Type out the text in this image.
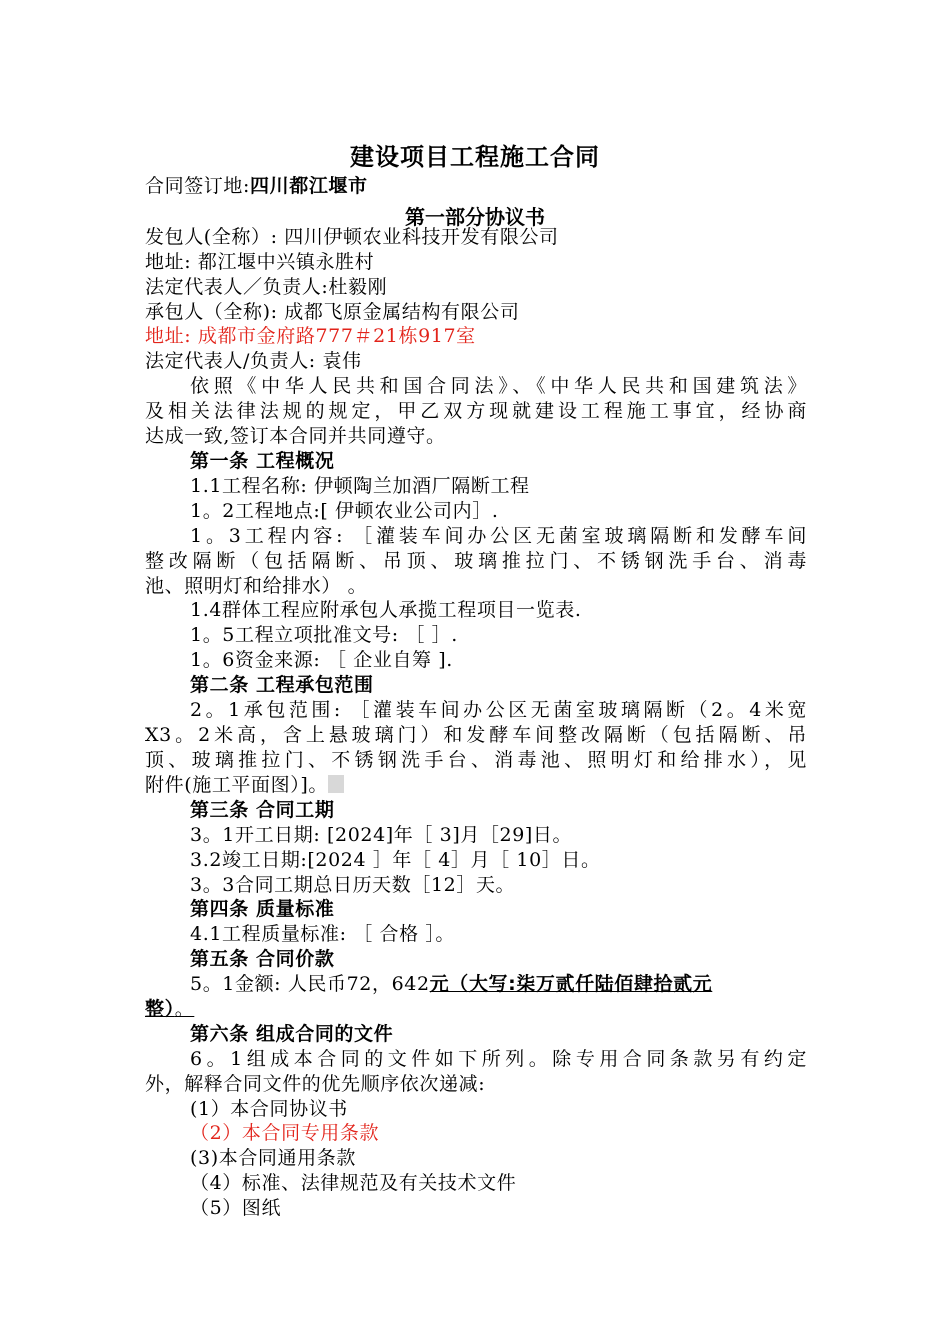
建设项目工程施工合同
合同签订地:四川都江堰市
第一部分协议书
发包人(全称）: 四川伊顿农业科技开发有限公司
地址: 都江堰中兴镇永胜村
法定代表人／负责人:杜毅刚
承包人（全称): 成都飞原金属结构有限公司
地址: 成都市金府路777＃21栋917室
法定代表人/负责人: 袁伟
依照《中华人民共和国合同法》、《中华人民共和国建筑法》
及相关法律法规的规定，甲乙双方现就建设工程施工事宜，经协商
达成一致,签订本合同并共同遵守。
第一条 工程概况
1.1工程名称: 伊顿陶兰加酒厂隔断工程
1。2工程地点:[ 伊顿农业公司内］.
1。3工程内容: ［灌装车间办公区无菌室玻璃隔断和发酵车间
整改隔断（包括隔断、吊顶、玻璃推拉门、不锈钢洗手台、消毒
池、照明灯和给排水） 。
1.4群体工程应附承包人承揽工程项目一览表.
1。5工程立项批准文号: ［ ］.
1。6资金来源: ［ 企业自筹 ].
第二条 工程承包范围
2。1承包范围: ［灌装车间办公区无菌室玻璃隔断（2。4米宽
X3。2米高，含上悬玻璃门）和发酵车间整改隔断（包括隔断、吊
顶、玻璃推拉门、不锈钢洗手台、消毒池、照明灯和给排水），见
附件(施工平面图）]。
第三条 合同工期
3。1开工日期: [2024]年［ 3]月［29]日。
3.2竣工日期:[2024 ］年［ 4］月［ 10］日。
3。3合同工期总日历天数［12］天。
第四条 质量标准
4.1工程质量标准: ［ 合格 ］。
第五条 合同价款
5。1金额: 人民币72，642元（大写:柒万贰仟陆佰肆拾贰元
整）。
第六条 组成合同的文件
6。1组成本合同的文件如下所列。除专用合同条款另有约定
外，解释合同文件的优先顺序依次递减:
(1）本合同协议书
（2）本合同专用条款
(3)本合同通用条款
（4）标准、法律规范及有关技术文件
（5）图纸
